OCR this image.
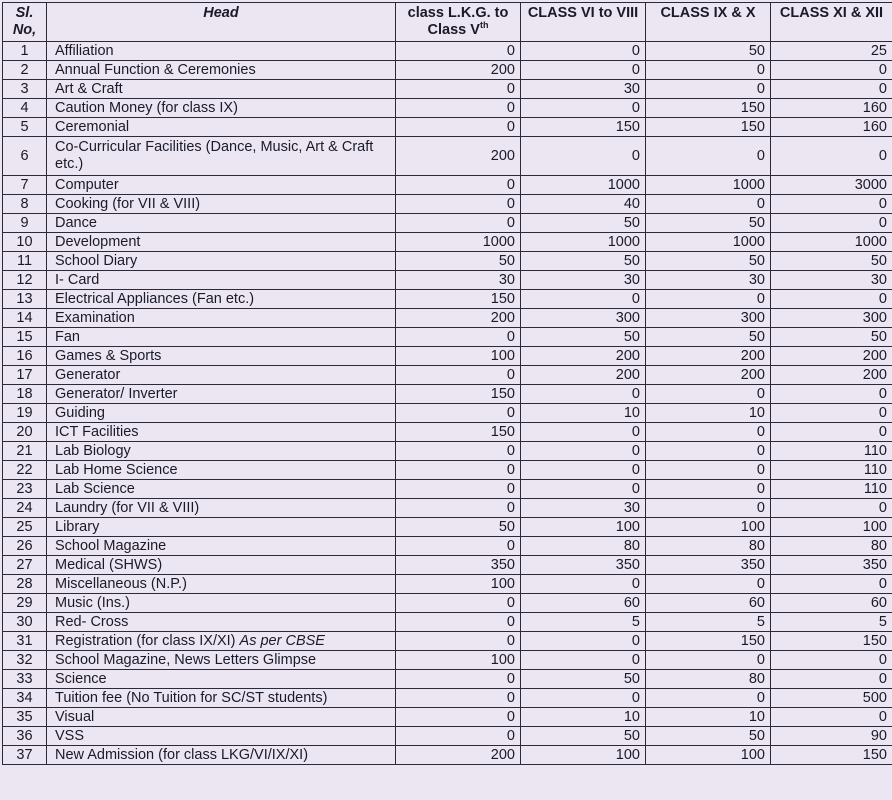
Sl. No,	Head	class L.K.G. to Class Vth	CLASS VI to VIII	CLASS IX & X	CLASS XI & XII
1	Affiliation	0	0	50	25
2	Annual Function & Ceremonies	200	0	0	0
3	Art & Craft	0	30	0	0
4	Caution Money (for class IX)	0	0	150	160
5	Ceremonial	0	150	150	160
6	Co-Curricular Facilities (Dance, Music, Art & Craft etc.)	200	0	0	0
7	Computer	0	1000	1000	3000
8	Cooking (for VII & VIII)	0	40	0	0
9	Dance	0	50	50	0
10	Development	1000	1000	1000	1000
11	School Diary	50	50	50	50
12	I- Card	30	30	30	30
13	Electrical Appliances (Fan etc.)	150	0	0	0
14	Examination	200	300	300	300
15	Fan	0	50	50	50
16	Games & Sports	100	200	200	200
17	Generator	0	200	200	200
18	Generator/ Inverter	150	0	0	0
19	Guiding	0	10	10	0
20	ICT Facilities	150	0	0	0
21	Lab Biology	0	0	0	110
22	Lab Home Science	0	0	0	110
23	Lab Science	0	0	0	110
24	Laundry (for VII & VIII)	0	30	0	0
25	Library	50	100	100	100
26	School Magazine	0	80	80	80
27	Medical (SHWS)	350	350	350	350
28	Miscellaneous (N.P.)	100	0	0	0
29	Music (Ins.)	0	60	60	60
30	Red- Cross	0	5	5	5
31	Registration (for class IX/XI) As per CBSE	0	0	150	150
32	School Magazine, News Letters Glimpse	100	0	0	0
33	Science	0	50	80	0
34	Tuition fee (No Tuition for SC/ST students)	0	0	0	500
35	Visual	0	10	10	0
36	VSS	0	50	50	90
37	New Admission (for class LKG/VI/IX/XI)	200	100	100	150
